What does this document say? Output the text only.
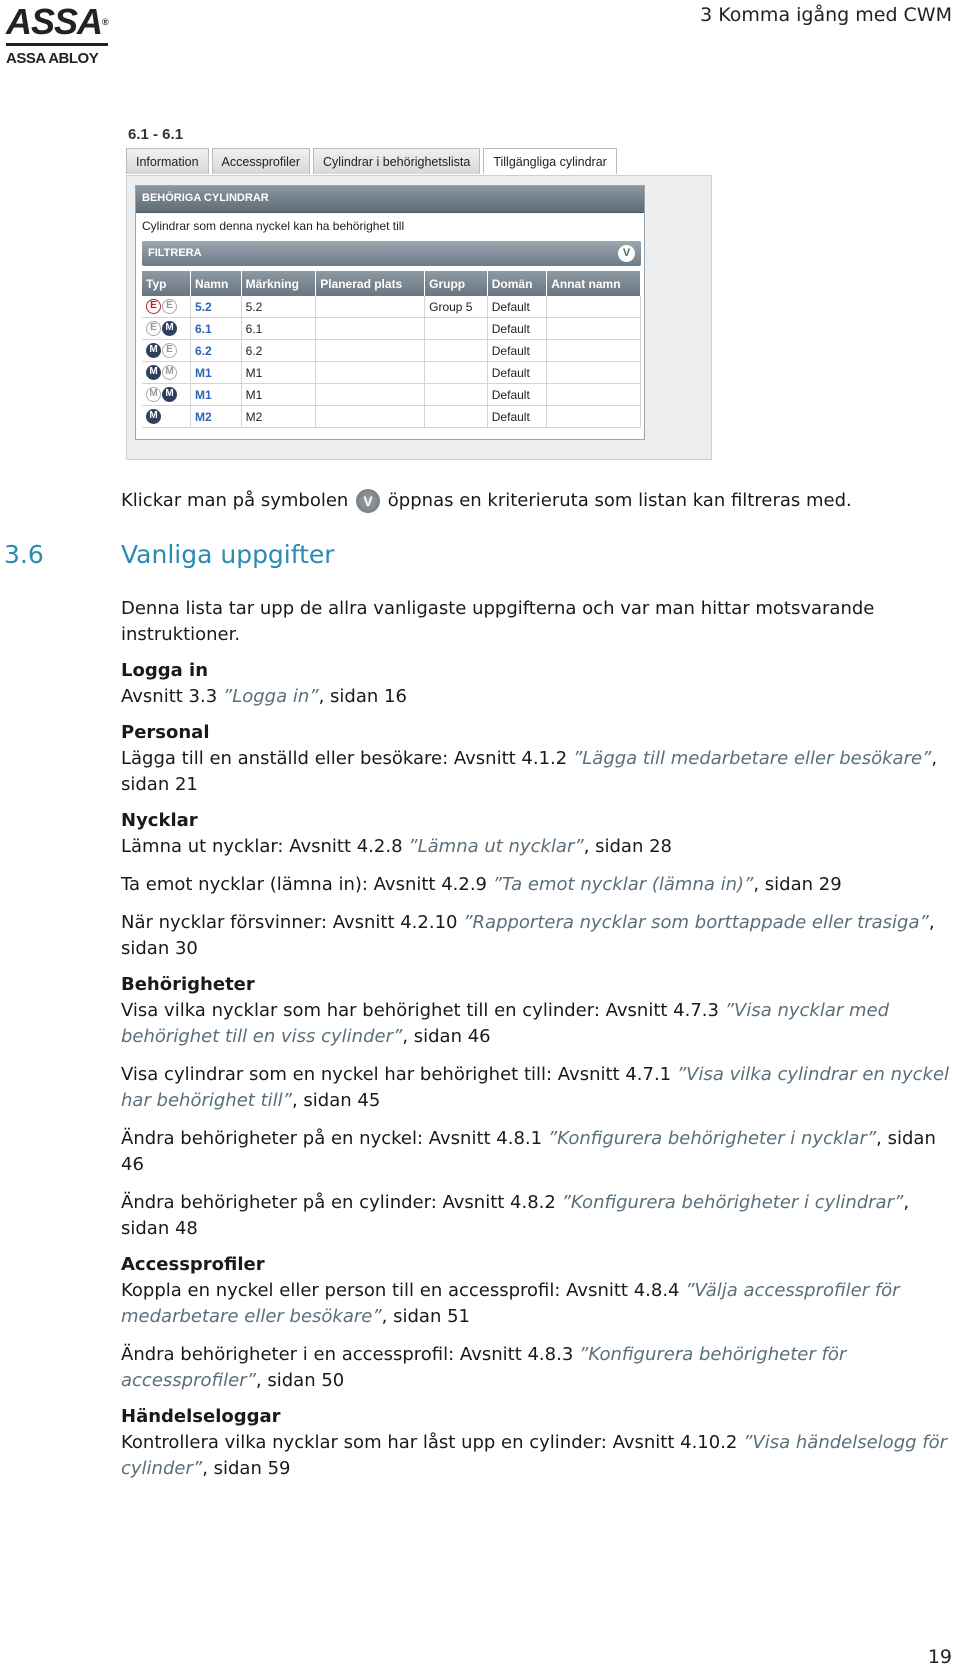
ASSA®
ASSA ABLOY
3 Komma igång med CWM
6.1 - 6.1
Information	Accessprofiler	Cylindrar i behörighetslista	Tillgängliga cylindrar
BEHÖRIGA CYLINDRAR
Cylindrar som denna nyckel kan ha behörighet till
FILTRERA	V
Typ	Namn	Märkning	Planerad plats	Grupp	Domän	Annat namn
E E	5.2	5.2		Group 5	Default	
E M	6.1	6.1			Default	
M E	6.2	6.2			Default	
M M	M1	M1			Default	
M M	M1	M1			Default	
M	M2	M2			Default	
Klickar man på symbolen V öppnas en kriterieruta som listan kan filtreras med.
3.6	Vanliga uppgifter

Denna lista tar upp de allra vanligaste uppgifterna och var man hittar motsvarande instruktioner.

Logga in

Avsnitt 3.3 ”Logga in”, sidan 16

Personal

Lägga till en anställd eller besökare: Avsnitt 4.1.2 ”Lägga till medarbetare eller besökare”, sidan 21

Nycklar

Lämna ut nycklar: Avsnitt 4.2.8 ”Lämna ut nycklar”, sidan 28

Ta emot nycklar (lämna in): Avsnitt 4.2.9 ”Ta emot nycklar (lämna in)”, sidan 29

När nycklar försvinner: Avsnitt 4.2.10 ”Rapportera nycklar som borttappade eller trasiga”, sidan 30

Behörigheter

Visa vilka nycklar som har behörighet till en cylinder: Avsnitt 4.7.3 ”Visa nycklar med behörighet till en viss cylinder”, sidan 46

Visa cylindrar som en nyckel har behörighet till: Avsnitt 4.7.1 ”Visa vilka cylindrar en nyckel har behörighet till”, sidan 45

Ändra behörigheter på en nyckel: Avsnitt 4.8.1 ”Konfigurera behörigheter i nycklar”, sidan 46

Ändra behörigheter på en cylinder: Avsnitt 4.8.2 ”Konfigurera behörigheter i cylindrar”, sidan 48

Accessprofiler

Koppla en nyckel eller person till en accessprofil: Avsnitt 4.8.4 ”Välja accessprofiler för medarbetare eller besökare”, sidan 51

Ändra behörigheter i en accessprofil: Avsnitt 4.8.3 ”Konfigurera behörigheter för accessprofiler”, sidan 50

Händelseloggar

Kontrollera vilka nycklar som har låst upp en cylinder: Avsnitt 4.10.2 ”Visa händelselogg för cylinder”, sidan 59

19
